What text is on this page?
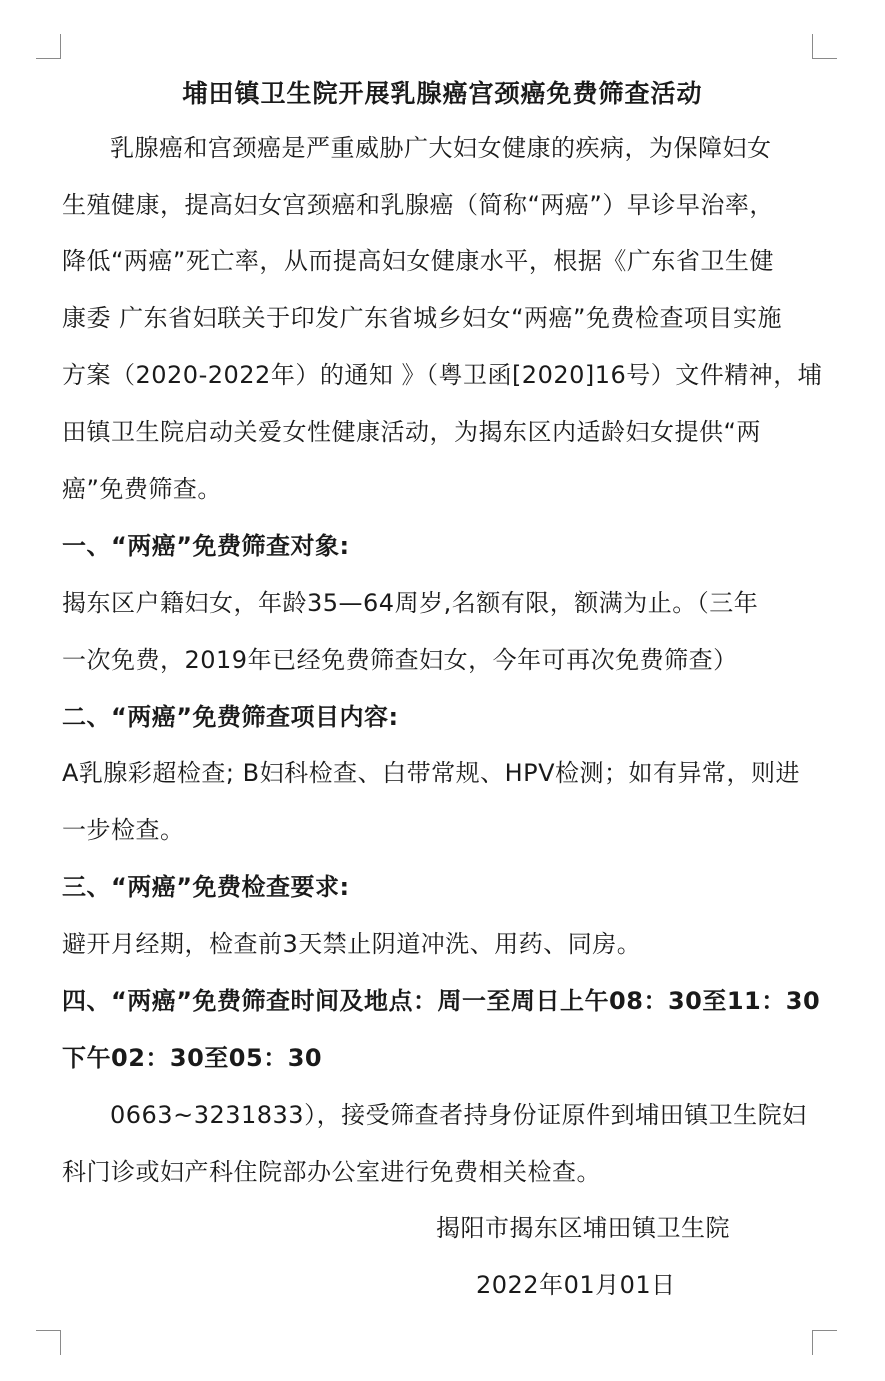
埔田镇卫生院开展乳腺癌宫颈癌免费筛查活动
乳腺癌和宫颈癌是严重威胁广大妇女健康的疾病，为保障妇女
生殖健康，提高妇女宫颈癌和乳腺癌（简称“两癌”）早诊早治率，
降低“两癌”死亡率，从而提高妇女健康水平，根据《广东省卫生健
康委 广东省妇联关于印发广东省城乡妇女“两癌”免费检查项目实施
方案（2020-2022年）的通知 》（粤卫函[2020]16号）文件精神，埔
田镇卫生院启动关爱女性健康活动，为揭东区内适龄妇女提供“两
癌”免费筛查。
一、“两癌”免费筛查对象:
揭东区户籍妇女，年龄35—64周岁,名额有限，额满为止。（三年
一次免费，2019年已经免费筛查妇女，今年可再次免费筛查）
二、“两癌”免费筛查项目内容:
A乳腺彩超检查; B妇科检查、白带常规、HPV检测；如有异常，则进
一步检查。
三、“两癌”免费检查要求:
避开月经期，检查前3天禁止阴道冲洗、用药、同房。
四、“两癌”免费筛查时间及地点：周一至周日上午08：30至11：30
下午02：30至05：30
0663~3231833），接受筛查者持身份证原件到埔田镇卫生院妇
科门诊或妇产科住院部办公室进行免费相关检查。
揭阳市揭东区埔田镇卫生院
2022年01月01日
